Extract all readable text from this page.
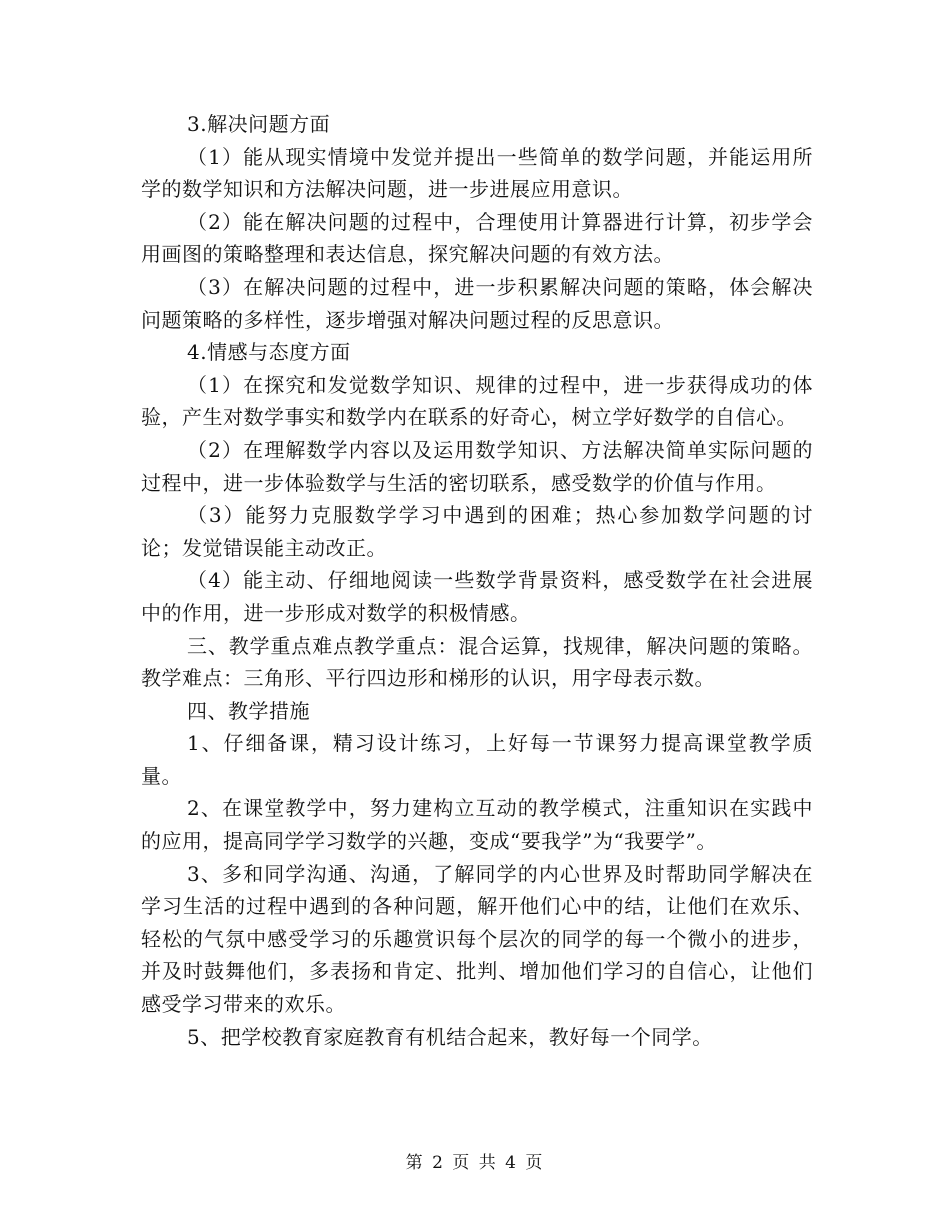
3.解决问题方面

（1）能从现实情境中发觉并提出一些简单的数学问题，并能运用所学的数学知识和方法解决问题，进一步进展应用意识。

（2）能在解决问题的过程中，合理使用计算器进行计算，初步学会用画图的策略整理和表达信息，探究解决问题的有效方法。

（3）在解决问题的过程中，进一步积累解决问题的策略，体会解决问题策略的多样性，逐步增强对解决问题过程的反思意识。

4.情感与态度方面

（1）在探究和发觉数学知识、规律的过程中，进一步获得成功的体验，产生对数学事实和数学内在联系的好奇心，树立学好数学的自信心。

（2）在理解数学内容以及运用数学知识、方法解决简单实际问题的过程中，进一步体验数学与生活的密切联系，感受数学的价值与作用。

（3）能努力克服数学学习中遇到的困难；热心参加数学问题的讨论；发觉错误能主动改正。

（4）能主动、仔细地阅读一些数学背景资料，感受数学在社会进展中的作用，进一步形成对数学的积极情感。

三、教学重点难点教学重点：混合运算，找规律，解决问题的策略。教学难点：三角形、平行四边形和梯形的认识，用字母表示数。

四、教学措施

1、仔细备课，精习设计练习，上好每一节课努力提高课堂教学质量。

2、在课堂教学中，努力建构立互动的教学模式，注重知识在实践中的应用，提高同学学习数学的兴趣，变成“要我学”为“我要学”。

3、多和同学沟通、沟通，了解同学的内心世界及时帮助同学解决在学习生活的过程中遇到的各种问题，解开他们心中的结，让他们在欢乐、轻松的气氛中感受学习的乐趣赏识每个层次的同学的每一个微小的进步，并及时鼓舞他们，多表扬和肯定、批判、增加他们学习的自信心，让他们感受学习带来的欢乐。

5、把学校教育家庭教育有机结合起来，教好每一个同学。

第 2 页 共 4 页
